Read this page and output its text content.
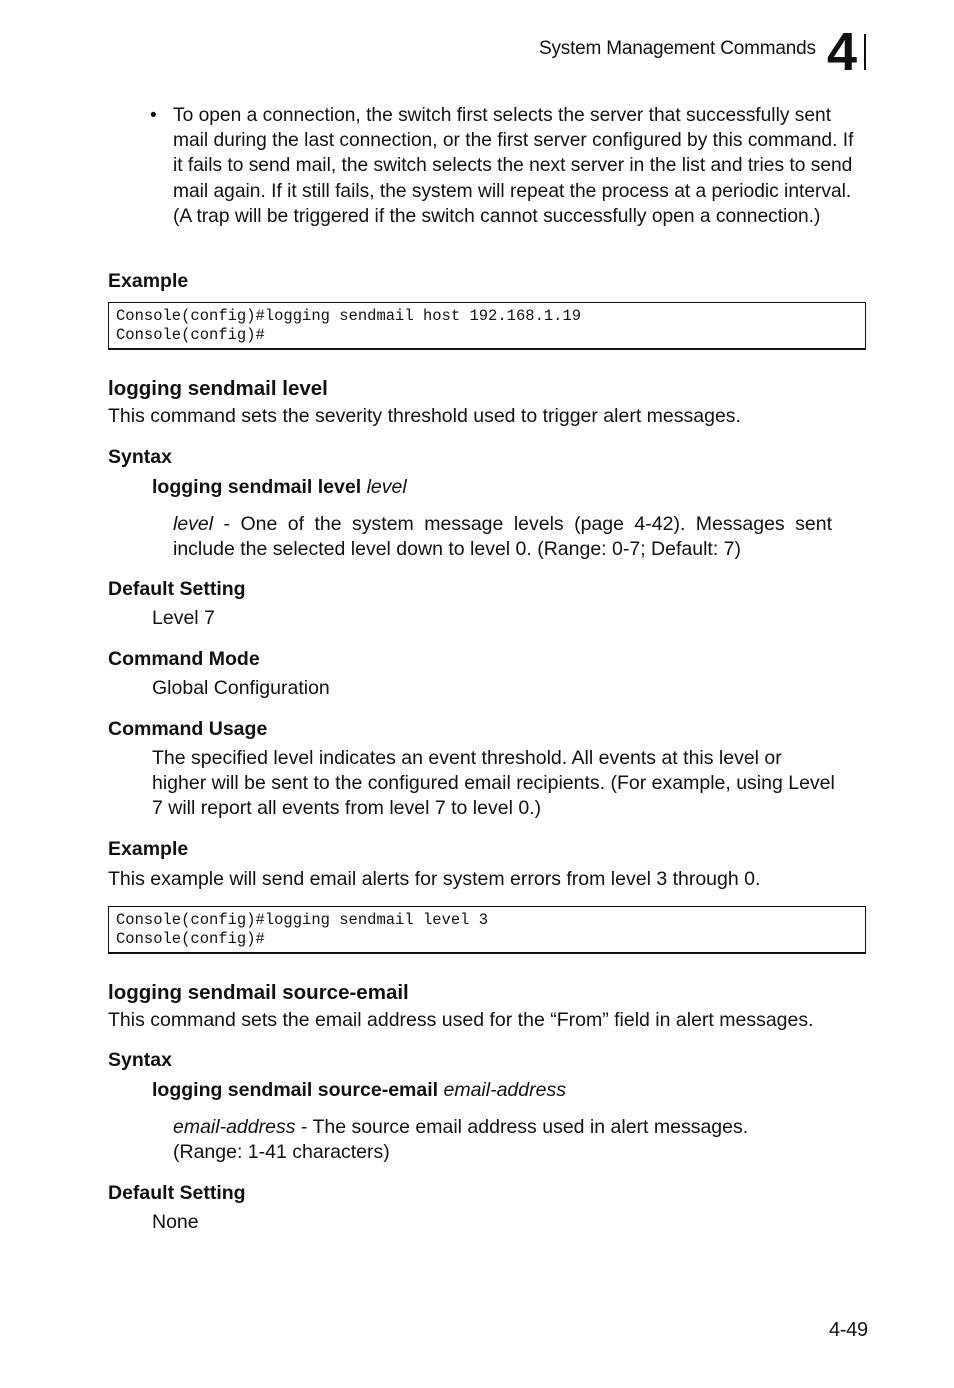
System Management Commands 4
• To open a connection, the switch first selects the server that successfully sent mail during the last connection, or the first server configured by this command. If it fails to send mail, the switch selects the next server in the list and tries to send mail again. If it still fails, the system will repeat the process at a periodic interval. (A trap will be triggered if the switch cannot successfully open a connection.)
Example
Console(config)#logging sendmail host 192.168.1.19
Console(config)#
logging sendmail level
This command sets the severity threshold used to trigger alert messages.
Syntax
logging sendmail level level
level - One of the system message levels (page 4-42). Messages sent include the selected level down to level 0. (Range: 0-7; Default: 7)
Default Setting
Level 7
Command Mode
Global Configuration
Command Usage
The specified level indicates an event threshold. All events at this level or higher will be sent to the configured email recipients. (For example, using Level 7 will report all events from level 7 to level 0.)
Example
This example will send email alerts for system errors from level 3 through 0.
Console(config)#logging sendmail level 3
Console(config)#
logging sendmail source-email
This command sets the email address used for the “From” field in alert messages.
Syntax
logging sendmail source-email email-address
email-address - The source email address used in alert messages.
(Range: 1-41 characters)
Default Setting
None
4-49
